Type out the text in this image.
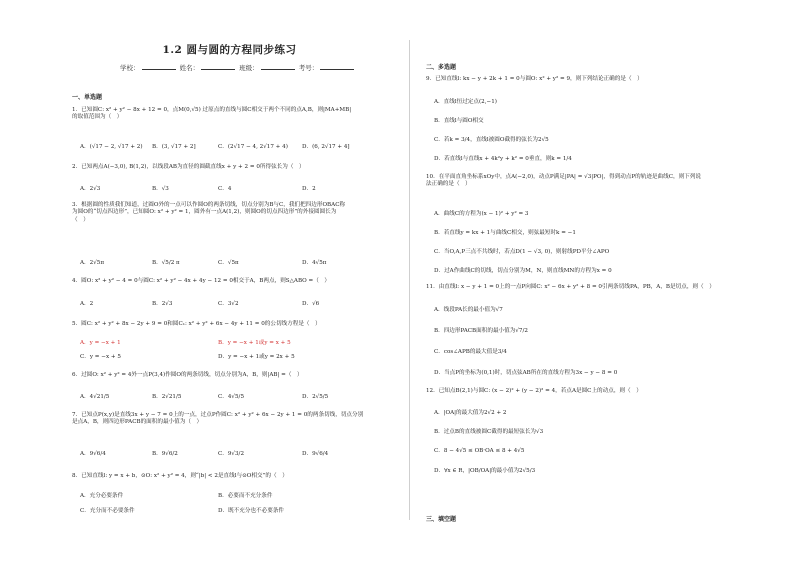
1.2 圆与圆的方程同步练习
学校：	姓名：	班级：	考号：
一、单选题
1．已知圆C: x² + y² − 8x + 12 = 0，点M(0,√5) 过原点的直线与圆C相交于两个不同的点A,B，则|MA+MB|
的取值范围为（　）
A．(√17 − 2, √17 + 2) B．(3, √17 + 2]	C．(2√17 − 4, 2√17 + 4)	D．(6, 2√17 + 4]
2．已知两点A(−3,0), B(1,2)，以线段AB为直径的圆截直线x + y + 2 = 0所得弦长为（　）
A．2√3	B．√3	C．4	D．2
3．根据圆的性质我们知道，过圆O外的一点可以作圆O的两条切线，切点分别为B与C，我们把四边形OBAC称
为圆O的“切点四边形”，已知圆O: x² + y² = 1，圆外有一点A(1,2)，则圆O的切点四边形”的外接圆圆长为
（　）
A．2√5π	B．√5/2 π	C．√5π	D．4√5π
4．圆O: x² + y² − 4 = 0与圆C: x² + y² − 4x + 4y − 12 = 0相交于A，B两点，则S△ABO =（　）
A．2	B．2√3	C．3√2	D．√6
5．圆C: x² + y² + 8x − 2y + 9 = 0和圆C₁: x² + y² + 6x − 4y + 11 = 0的公切线方程是（　）
A．y = −x + 1	B．y = −x + 1或y = x + 5
C．y = −x + 5	D．y = −x + 1或y = 2x + 5
6．过圆O: x² + y² = 4外一点P(3,4)作圆O的两条切线，切点分别为A，B，则|AB| =（　）
A．4√21/5	B．2√21/5	C．4√5/5	D．2√5/5
7．已知点P(x,y)是直线3x + y − 7 = 0上的一点，过点P作圆C: x² + y² + 6x − 2y + 1 = 0的两条切线，切点分别
是点A，B，则四边形PACB的面积的最小值为（　）
A．9√6/4	B．9√6/2	C．9√3/2	D．9√6/4
8．已知直线l: y = x + b，⊙O: x² + y² = 4，则“|b| < 2是直线l与⊙O相交”的（　）
A．充分必要条件	B．必要而不充分条件
C．充分而不必要条件	D．既不充分也不必要条件
二、多选题
9．已知直线l: kx − y + 2k + 1 = 0与圆O: x² + y² = 9，则下列结论正确的是（　）
A．直线l恒过定点(2,−1)
B．直线l与圆O相交
C．若k = 3/4，直线l被圆O截得的弦长为2√5
D．若直线l与直线x + 4k²y + k² = 0垂直，则k = 1/4
10．在平面直角坐标系xOy中，点A(−2,0)，动点P满足|PA| = √3|PO|，得到动点P的轨迹是曲线C，则下列说
法正确的是（　）
A．曲线C的方程为(x − 1)² + y² = 3
B．若直线y = kx + 1与曲线C相交，则弦最短时k = −1
C．当O,A,P三点不共线时，若点D(1 − √3, 0)，则射线PD平分∠APO
D．过A作曲线C的切线，切点分别为M，N，则直线MN的方程为x = 0
11．由直线l: x − y + 1 = 0上的一点P向圆C: x² − 6x + y² + 8 = 0引两条切线PA，PB，A，B是切点，则（　）
A．线段PA长的最小值为√7
B．四边形PACB面积的最小值为√7/2
C．cos∠APB的最大值是3/4
D．当点P的坐标为(0,1)时，切点弦AB所在的直线方程为3x − y − 8 = 0
12．已知点B(2,1)与圆C: (x − 2)² + (y − 2)² = 4，若点A是圆C上的动点，则（　）
A．|OA|的最大值为2√2 + 2
B．过点B的直线被圆C截得的最短弦长为√3
C．8 − 4√5 ≤ OB·OA ≤ 8 + 4√5
D．∀x ∈ R，|OB/OA|的最小值为2√5/3
三、填空题
